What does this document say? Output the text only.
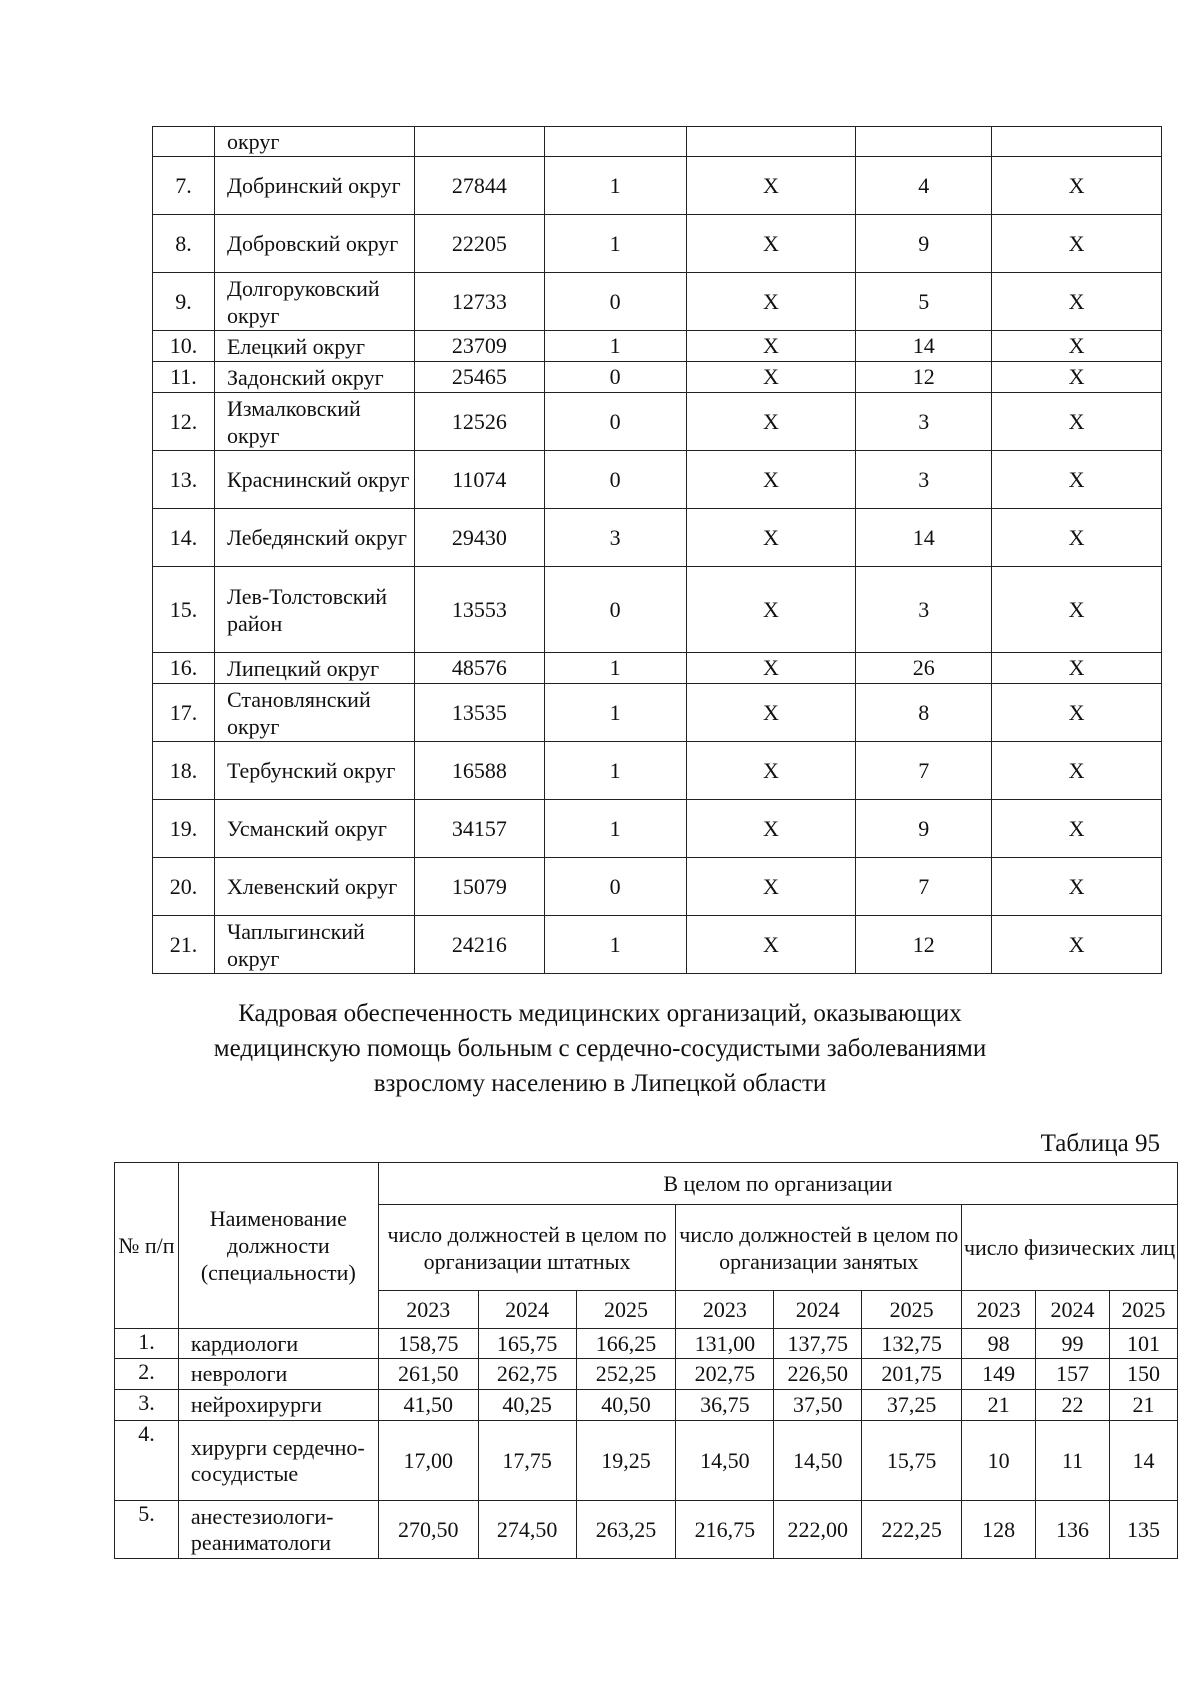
	округ					
7.	Добринский округ	27844	1	Х	4	Х
8.	Добровский округ	22205	1	Х	9	Х
9.	Долгоруковский округ	12733	0	Х	5	Х
10.	Елецкий округ	23709	1	Х	14	Х
11.	Задонский округ	25465	0	Х	12	Х
12.	Измалковский округ	12526	0	Х	3	Х
13.	Краснинский округ	11074	0	Х	3	Х
14.	Лебедянский округ	29430	3	Х	14	Х
15.	Лев-Толстовский район	13553	0	Х	3	Х
16.	Липецкий округ	48576	1	Х	26	Х
17.	Становлянский округ	13535	1	Х	8	Х
18.	Тербунский округ	16588	1	Х	7	Х
19.	Усманский округ	34157	1	Х	9	Х
20.	Хлевенский округ	15079	0	Х	7	Х
21.	Чаплыгинский округ	24216	1	Х	12	Х
Кадровая обеспеченность медицинских организаций, оказывающих
медицинскую помощь больным с сердечно-сосудистыми заболеваниями
взрослому населению в Липецкой области
Таблица 95
№ п/п	Наименование должности (специальности)	В целом по организации								
		число должностей в целом по организации штатных			число должностей в целом по организации занятых			число физических лиц		
		2023	2024	2025	2023	2024	2025	2023	2024	2025
1.	кардиологи	158,75	165,75	166,25	131,00	137,75	132,75	98	99	101
2.	неврологи	261,50	262,75	252,25	202,75	226,50	201,75	149	157	150
3.	нейрохирурги	41,50	40,25	40,50	36,75	37,50	37,25	21	22	21
4.	хирурги сердечно-сосудистые	17,00	17,75	19,25	14,50	14,50	15,75	10	11	14
5.	анестезиологи-реаниматологи	270,50	274,50	263,25	216,75	222,00	222,25	128	136	135
